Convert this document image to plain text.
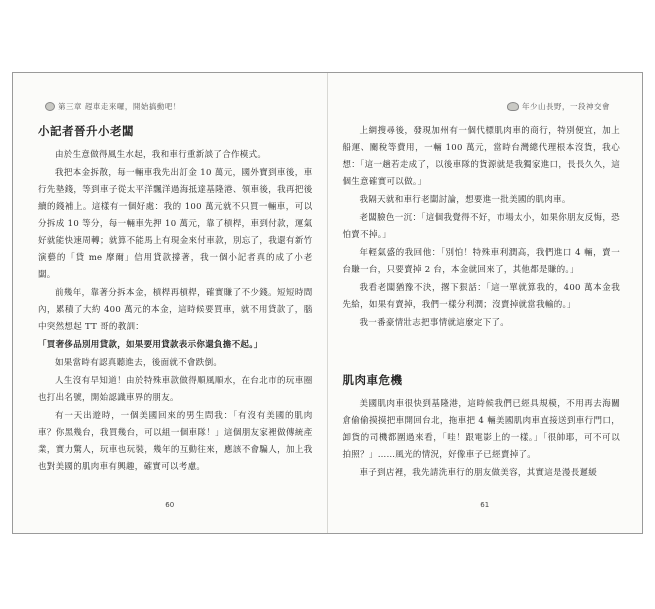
第三章 趕車走來囉，開始搞動吧！
小記者晉升小老闆

由於生意做得風生水起，我和車行重新談了合作模式。

我把本金拆散，每一輛車我先出訂金 10 萬元，國外寶到車後，車行先墊錢，等到車子從太平洋飄洋過海抵達基隆港、領車後，我再把後續的錢補上。這樣有一個好處：我的 100 萬元就不只買一輛車，可以分拆成 10 等分，每一輛車先押 10 萬元，靠了槓桿，車到付款，運氣好就能快速周轉；就算不能馬上有現金來付車款，別忘了，我還有新竹演藝的「貸 me 摩爾」信用貸款撐著，我一個小記者真的成了小老闆。

前幾年，靠著分拆本金，槓桿再槓桿，確實賺了不少錢。短短時間內，累積了大約 400 萬元的本金，這時候要買車，就不用貸款了，腦中突然想起 TT 哥的教訓：

「買奢侈品別用貸款，如果要用貸款表示你還負擔不起。」

如果當時有認真聽進去，後面就不會跌倒。

人生沒有早知道！由於特殊車款做得順風順水，在台北市的玩車圈也打出名號，開始認識車界的朋友。

有一天出遊時，一個美國回來的男生問我：「有沒有美國的肌肉車？你黑幾台，我買幾台，可以組一個車隊！」這個朋友家裡做傳統產業，實力驚人，玩車也玩裝，幾年的互動往來，應該不會騙人，加上我也對美國的肌肉車有興趣，確實可以考慮。

60
年少山長野，一段神交會

上網搜尋後，發現加州有一個代標肌肉車的商行，特別便宜，加上船運、關稅等費用，一輛 100 萬元，當時台灣總代理根本沒貨，我心想：「這一趟若走成了，以後車隊的貨源就是我獨家進口，長長久久，這個生意確實可以做。」

我隔天就和車行老闆討論，想要進一批美國的肌肉車。

老闆臉色一沉：「這個我覺得不好，市場太小，如果你朋友反悔，恐怕賣不掉。」

年輕氣盛的我回他：「別怕！特殊車利潤高，我們進口 4 輛，賣一台賺一台，只要賣掉 2 台，本金就回來了，其他都是賺的。」

我看老闆猶豫不決，撂下狠話：「這一單就算我的，400 萬本金我先給，如果有賣掉，我們一樣分利潤；沒賣掉就當我輸的。」

我一番豪情壯志把事情就這麼定下了。

肌肉車危機

美國肌肉車很快到基隆港，這時候我們已經具規模，不用再去海關倉偷偷摸摸把車開回台北，拖車把 4 輛美國肌肉車直接送到車行門口，卸貨的司機都圍過來看，「哇！跟電影上的一樣。」「很帥耶，可不可以拍照？」……風光的情況，好像車子已經賣掉了。

車子到店裡，我先請洗車行的朋友做美容，其實這是漫長遲緩

61
